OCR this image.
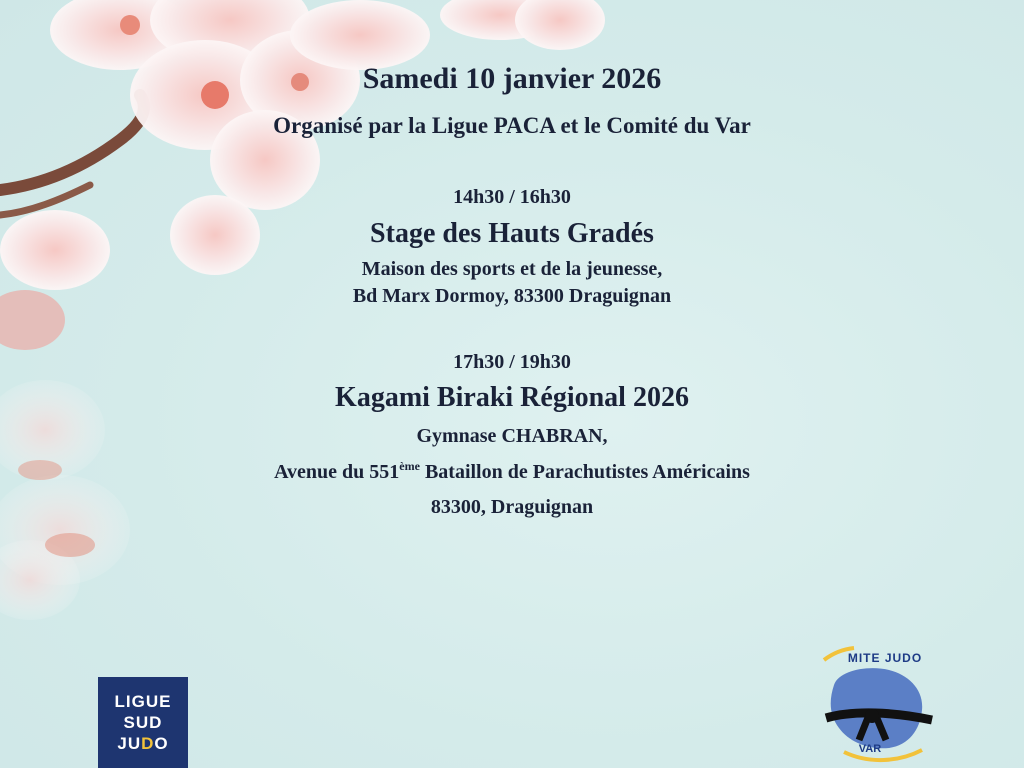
Samedi 10 janvier 2026
Organisé par la Ligue PACA et le Comité du Var
14h30 / 16h30
Stage des Hauts Gradés
Maison des sports et de la jeunesse,
Bd Marx Dormoy, 83300 Draguignan
17h30 / 19h30
Kagami Biraki Régional 2026
Gymnase CHABRAN,
Avenue du 551ème Bataillon de Parachutistes Américains
83300, Draguignan
LIGUE
SUD
JUDO
MITE JUDO
VAR
